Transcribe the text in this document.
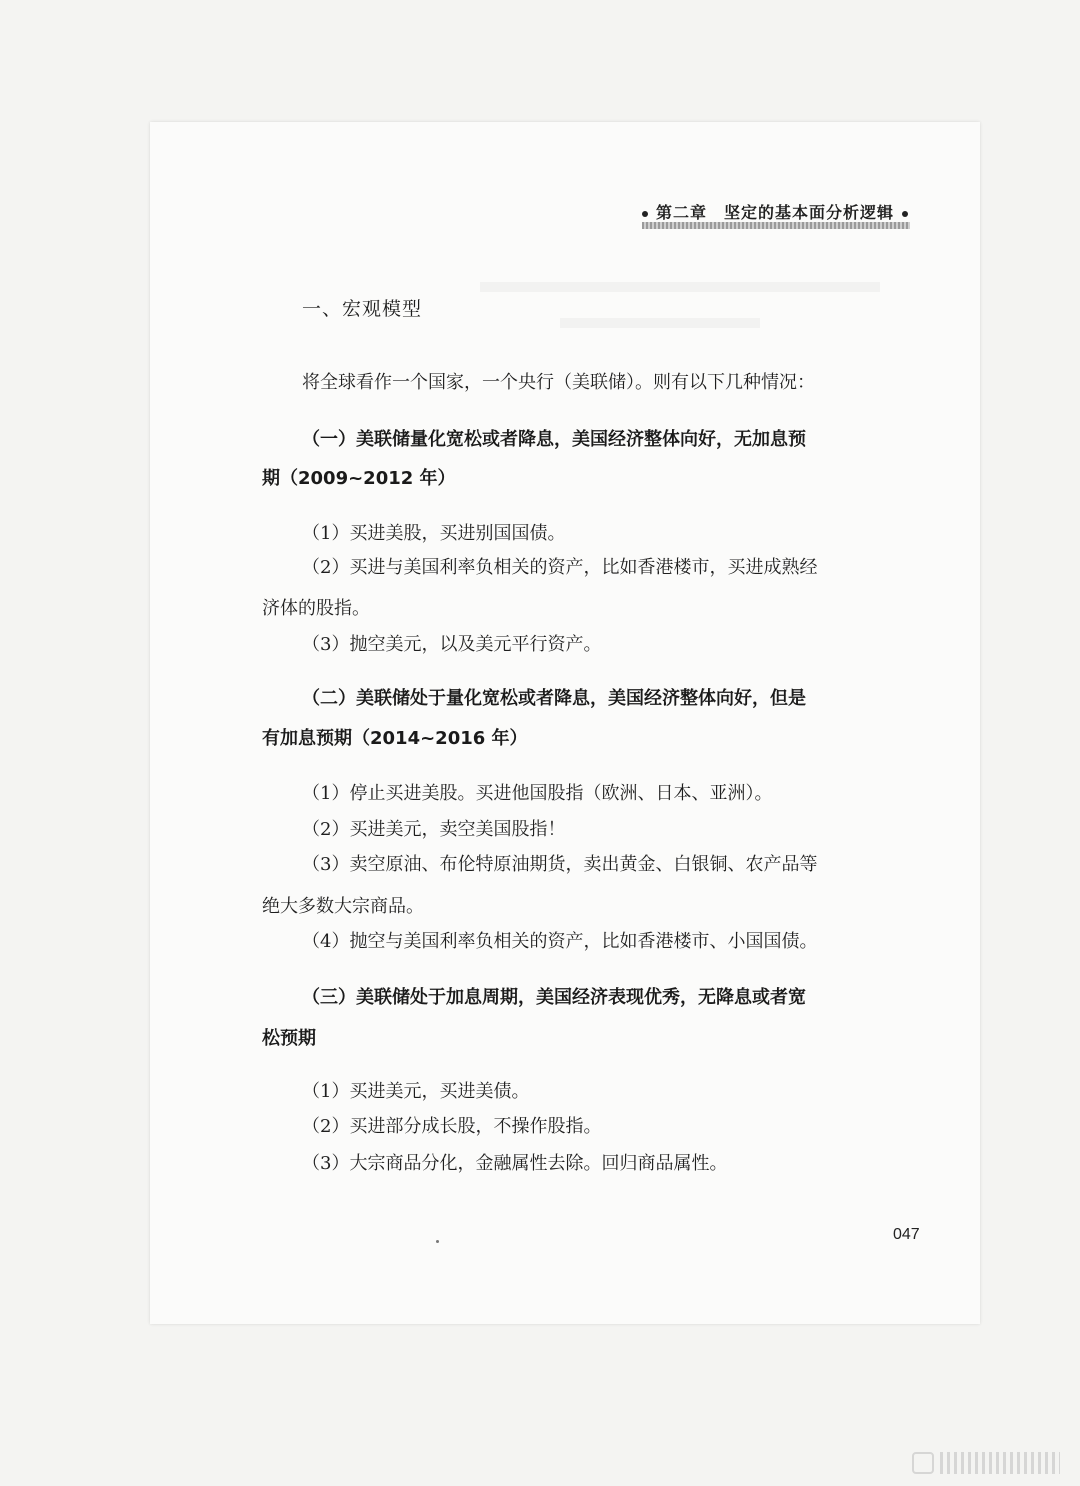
第二章　坚定的基本面分析逻辑
一、宏观模型
将全球看作一个国家，一个央行（美联储）。则有以下几种情况：
（一）美联储量化宽松或者降息，美国经济整体向好，无加息预
期（2009~2012 年）
（1）买进美股，买进别国国债。
（2）买进与美国利率负相关的资产，比如香港楼市，买进成熟经
济体的股指。
（3）抛空美元，以及美元平行资产。
（二）美联储处于量化宽松或者降息，美国经济整体向好，但是
有加息预期（2014~2016 年）
（1）停止买进美股。买进他国股指（欧洲、日本、亚洲）。
（2）买进美元，卖空美国股指！
（3）卖空原油、布伦特原油期货，卖出黄金、白银铜、农产品等
绝大多数大宗商品。
（4）抛空与美国利率负相关的资产，比如香港楼市、小国国债。
（三）美联储处于加息周期，美国经济表现优秀，无降息或者宽
松预期
（1）买进美元，买进美债。
（2）买进部分成长股，不操作股指。
（3）大宗商品分化，金融属性去除。回归商品属性。
047
